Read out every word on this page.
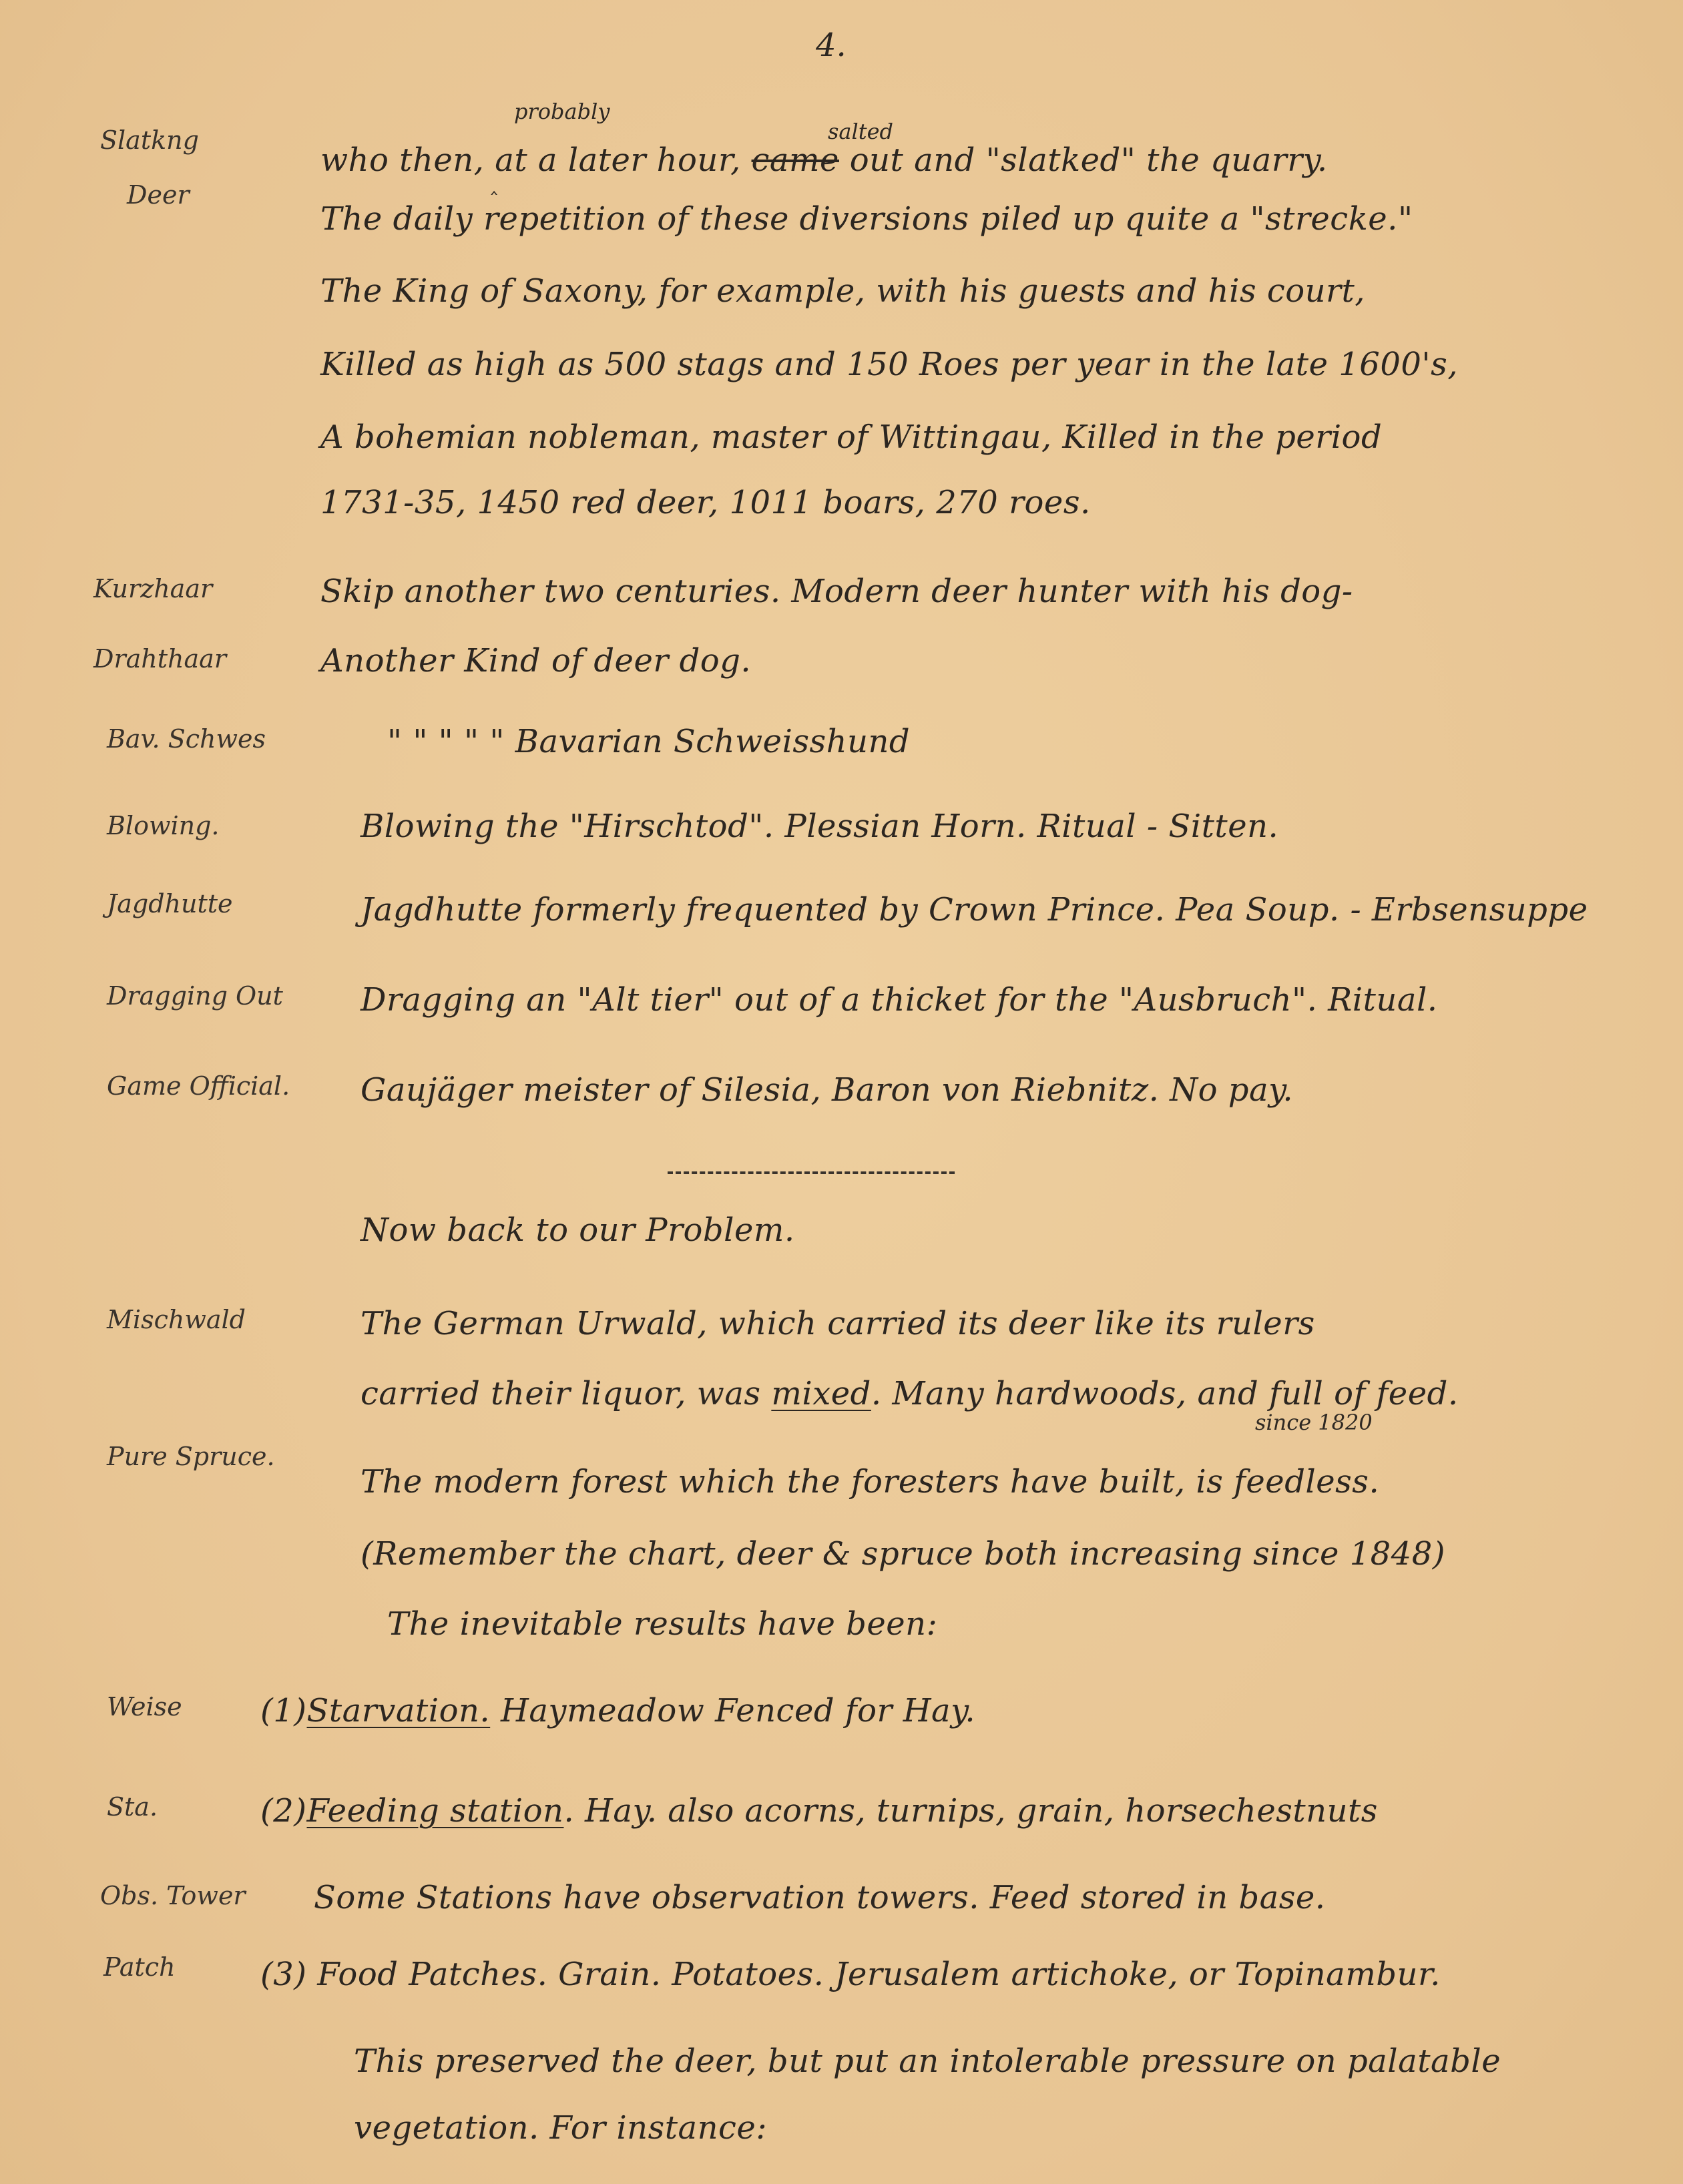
4.
Slatkng
Deer
Kurzhaar
Drahthaar
Bav. Schwes
Blowing.
Jagdhutte
Dragging Out
Game Official.
Mischwald
Pure Spruce.
Weise
Sta.
Obs. Tower
Patch
probably
salted
‸
who then, at a later hour, came out and "slatked" the quarry.
The daily repetition of these diversions piled up quite a "strecke."
The King of Saxony, for example, with his guests and his court,
Killed as high as 500 stags and 150 Roes per year in the late 1600's,
A bohemian nobleman, master of Wittingau, Killed in the period
1731-35, 1450 red deer, 1011 boars, 270 roes.
Skip another two centuries. Modern deer hunter with his dog-
Another Kind of deer dog.
" " " " " Bavarian Schweisshund
Blowing the "Hirschtod". Plessian Horn. Ritual - Sitten.
Jagdhutte formerly frequented by Crown Prince. Pea Soup. - Erbsensuppe
Dragging an "Alt tier" out of a thicket for the "Ausbruch". Ritual.
Gaujäger meister of Silesia, Baron von Riebnitz. No pay.
Now back to our Problem.
The German Urwald, which carried its deer like its rulers
carried their liquor, was mixed. Many hardwoods, and full of feed.
since 1820
The modern forest which the foresters have built, is feedless.
(Remember the chart, deer & spruce both increasing since 1848)
The inevitable results have been:
(1)Starvation. Haymeadow Fenced for Hay.
(2)Feeding station. Hay. also acorns, turnips, grain, horsechestnuts
Some Stations have observation towers. Feed stored in base.
(3) Food Patches. Grain. Potatoes. Jerusalem artichoke, or Topinambur.
This preserved the deer, but put an intolerable pressure on palatable
vegetation. For instance:
